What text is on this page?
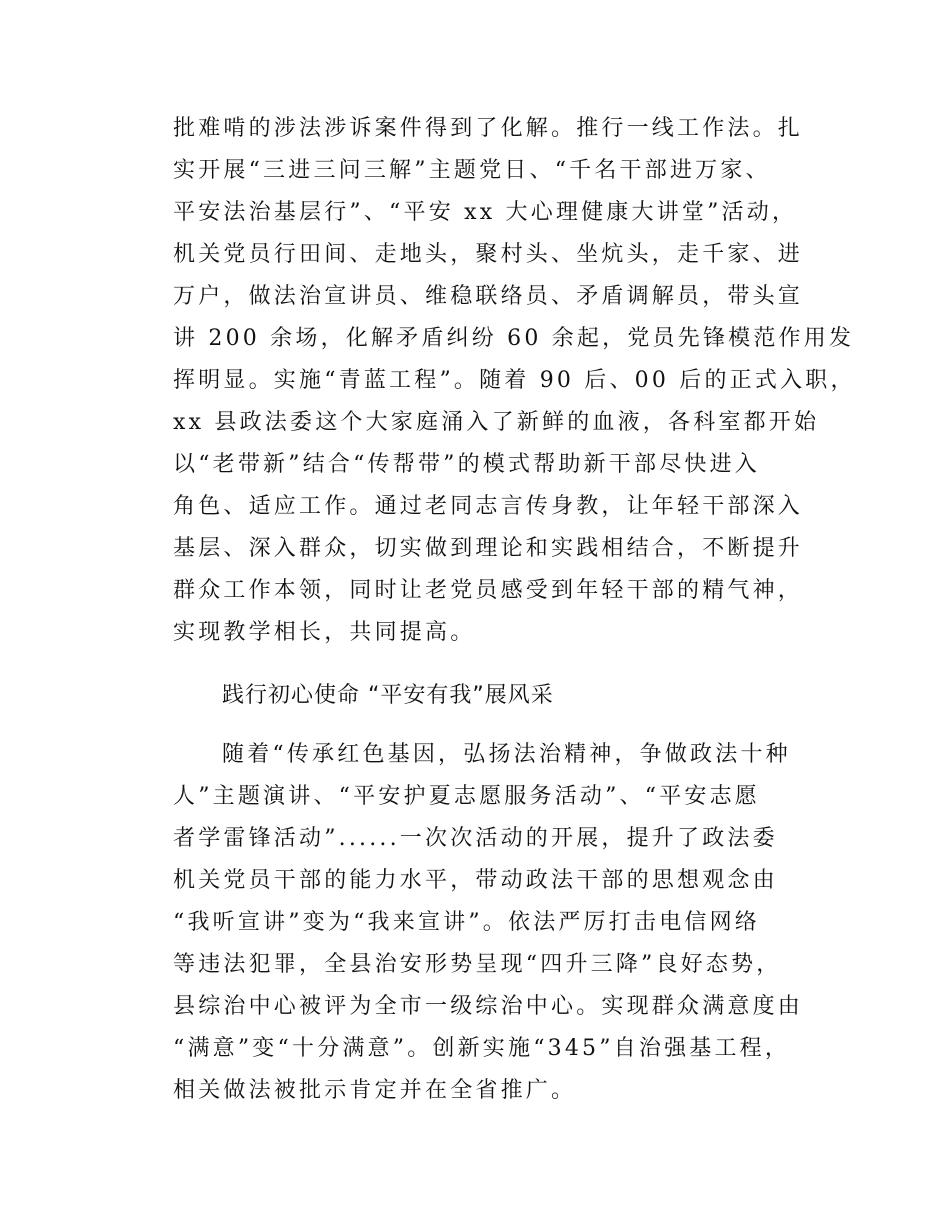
批难啃的涉法涉诉案件得到了化解。推行一线工作法。扎
实开展“三进三问三解”主题党日、“千名干部进万家、
平安法治基层行”、“平安 xx 大心理健康大讲堂”活动，
机关党员行田间、走地头，聚村头、坐炕头，走千家、进
万户，做法治宣讲员、维稳联络员、矛盾调解员，带头宣
讲 200 余场，化解矛盾纠纷 60 余起，党员先锋模范作用发
挥明显。实施“青蓝工程”。随着 90 后、00 后的正式入职，
xx 县政法委这个大家庭涌入了新鲜的血液，各科室都开始
以“老带新”结合“传帮带”的模式帮助新干部尽快进入
角色、适应工作。通过老同志言传身教，让年轻干部深入
基层、深入群众，切实做到理论和实践相结合，不断提升
群众工作本领，同时让老党员感受到年轻干部的精气神，
实现教学相长，共同提高。
践行初心使命 “平安有我”展风采
随着“传承红色基因，弘扬法治精神，争做政法十种
人”主题演讲、“平安护夏志愿服务活动”、“平安志愿
者学雷锋活动”......一次次活动的开展，提升了政法委
机关党员干部的能力水平，带动政法干部的思想观念由
“我听宣讲”变为“我来宣讲”。依法严厉打击电信网络
等违法犯罪，全县治安形势呈现“四升三降”良好态势，
县综治中心被评为全市一级综治中心。实现群众满意度由
“满意”变“十分满意”。创新实施“345”自治强基工程，
相关做法被批示肯定并在全省推广。
